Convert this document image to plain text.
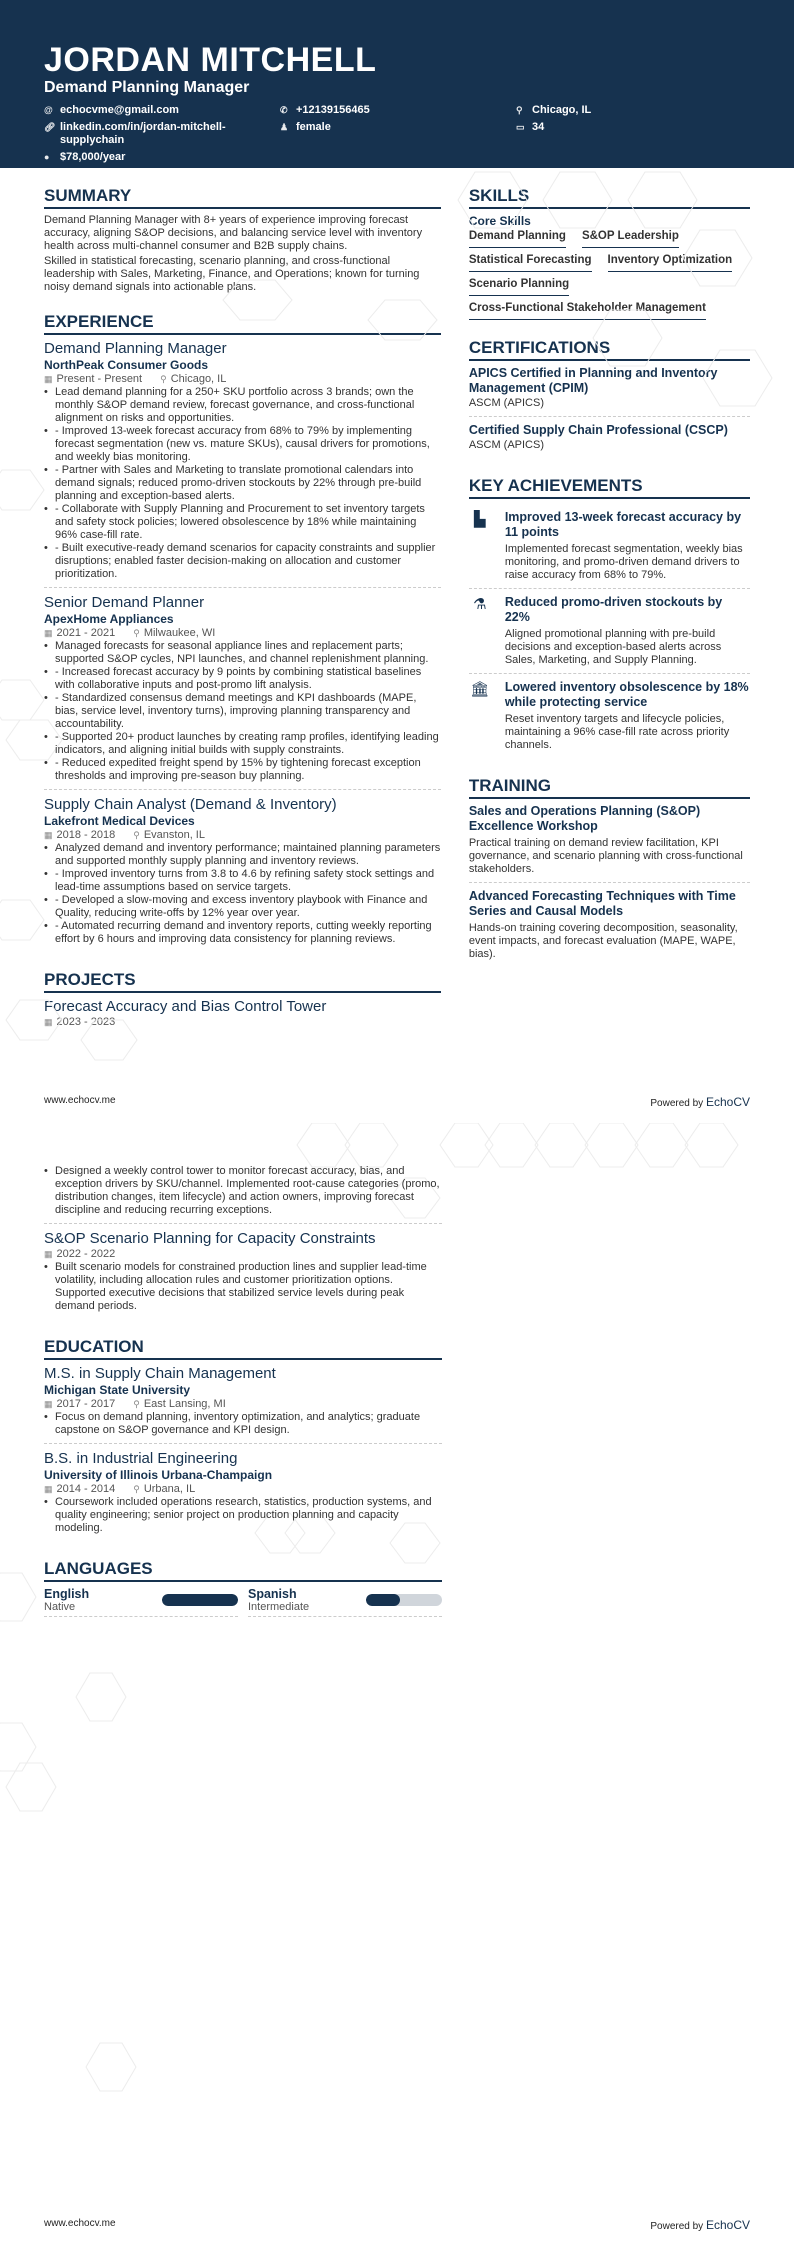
JORDAN MITCHELL
Demand Planning Manager
@ echocvme@gmail.com	✆ +12139156465	⚲ Chicago, IL
🔗︎ linkedin.com/in/jordan-mitchell-supplychain
♟ female	▭ 34
● $78,000/year
SUMMARY

Demand Planning Manager with 8+ years of experience improving forecast accuracy, aligning S&OP decisions, and balancing service level with inventory health across multi-channel consumer and B2B supply chains.

Skilled in statistical forecasting, scenario planning, and cross-functional leadership with Sales, Marketing, Finance, and Operations; known for turning noisy demand signals into actionable plans.

EXPERIENCE
Demand Planning Manager
NorthPeak Consumer Goods
▦ Present - Present ⚲ Chicago, IL
• Lead demand planning for a 250+ SKU portfolio across 3 brands; own the monthly S&OP demand review, forecast governance, and cross-functional alignment on risks and opportunities.
• - Improved 13-week forecast accuracy from 68% to 79% by implementing forecast segmentation (new vs. mature SKUs), causal drivers for promotions, and weekly bias monitoring.
• - Partner with Sales and Marketing to translate promotional calendars into demand signals; reduced promo-driven stockouts by 22% through pre-build planning and exception-based alerts.
• - Collaborate with Supply Planning and Procurement to set inventory targets and safety stock policies; lowered obsolescence by 18% while maintaining 96% case-fill rate.
• - Built executive-ready demand scenarios for capacity constraints and supplier disruptions; enabled faster decision-making on allocation and customer prioritization.
Senior Demand Planner
ApexHome Appliances
▦ 2021 - 2021 ⚲ Milwaukee, WI
• Managed forecasts for seasonal appliance lines and replacement parts; supported S&OP cycles, NPI launches, and channel replenishment planning.
• - Increased forecast accuracy by 9 points by combining statistical baselines with collaborative inputs and post-promo lift analysis.
• - Standardized consensus demand meetings and KPI dashboards (MAPE, bias, service level, inventory turns), improving planning transparency and accountability.
• - Supported 20+ product launches by creating ramp profiles, identifying leading indicators, and aligning initial builds with supply constraints.
• - Reduced expedited freight spend by 15% by tightening forecast exception thresholds and improving pre-season buy planning.
Supply Chain Analyst (Demand & Inventory)
Lakefront Medical Devices
▦ 2018 - 2018 ⚲ Evanston, IL
• Analyzed demand and inventory performance; maintained planning parameters and supported monthly supply planning and inventory reviews.
• - Improved inventory turns from 3.8 to 4.6 by refining safety stock settings and lead-time assumptions based on service targets.
• - Developed a slow-moving and excess inventory playbook with Finance and Quality, reducing write-offs by 12% year over year.
• - Automated recurring demand and inventory reports, cutting weekly reporting effort by 6 hours and improving data consistency for planning reviews.
PROJECTS
Forecast Accuracy and Bias Control Tower
▦ 2023 - 2023
SKILLS
Core Skills
Demand Planning S&OP Leadership
Statistical Forecasting Inventory Optimization
Scenario Planning
Cross-Functional Stakeholder Management
CERTIFICATIONS
APICS Certified in Planning and Inventory Management (CPIM)
ASCM (APICS)
Certified Supply Chain Professional (CSCP)
ASCM (APICS)
KEY ACHIEVEMENTS
▙	Improved 13-week forecast accuracy by 11 points
Implemented forecast segmentation, weekly bias monitoring, and promo-driven demand drivers to raise accuracy from 68% to 79%.
⚗	Reduced promo-driven stockouts by 22%
Aligned promotional planning with pre-build decisions and exception-based alerts across Sales, Marketing, and Supply Planning.
🏛︎ Lowered inventory obsolescence by 18% while protecting service
Reset inventory targets and lifecycle policies, maintaining a 96% case-fill rate across priority channels.
TRAINING
Sales and Operations Planning (S&OP) Excellence Workshop
Practical training on demand review facilitation, KPI governance, and scenario planning with cross-functional stakeholders.
Advanced Forecasting Techniques with Time Series and Causal Models
Hands-on training covering decomposition, seasonality, event impacts, and forecast evaluation (MAPE, WAPE, bias).
www.echocv.me	Powered by EchoCV
• Designed a weekly control tower to monitor forecast accuracy, bias, and exception drivers by SKU/channel. Implemented root-cause categories (promo, distribution changes, item lifecycle) and action owners, improving forecast discipline and reducing recurring exceptions.
S&OP Scenario Planning for Capacity Constraints
▦ 2022 - 2022
• Built scenario models for constrained production lines and supplier lead-time volatility, including allocation rules and customer prioritization options. Supported executive decisions that stabilized service levels during peak demand periods.
EDUCATION
M.S. in Supply Chain Management
Michigan State University
▦ 2017 - 2017 ⚲ East Lansing, MI
• Focus on demand planning, inventory optimization, and analytics; graduate capstone on S&OP governance and KPI design.
B.S. in Industrial Engineering
University of Illinois Urbana-Champaign
▦ 2014 - 2014 ⚲ Urbana, IL
• Coursework included operations research, statistics, production systems, and quality engineering; senior project on production planning and capacity modeling.
LANGUAGES
English
Native
Spanish
Intermediate
www.echocv.me	Powered by EchoCV
